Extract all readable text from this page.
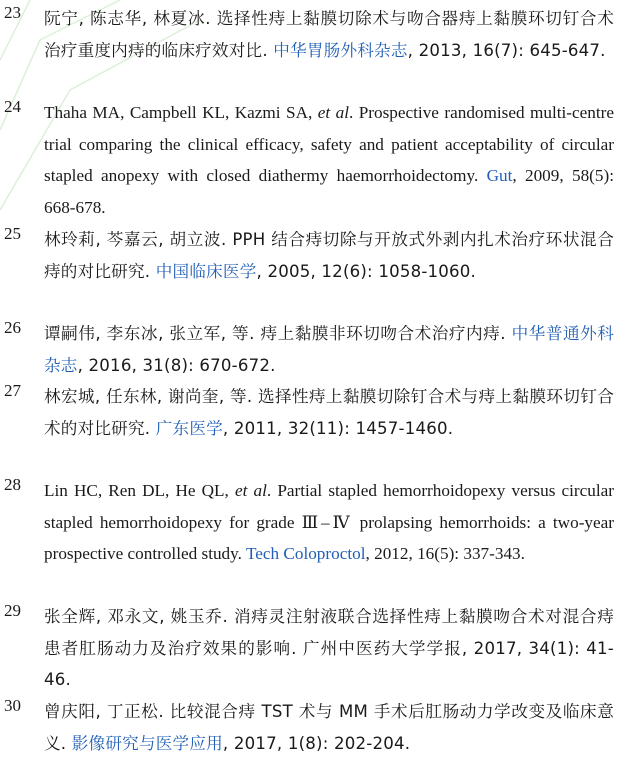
23	阮宁, 陈志华, 林夏冰. 选择性痔上黏膜切除术与吻合器痔上黏膜环切钉合术治疗重度内痔的临床疗效对比. 中华胃肠外科杂志, 2013, 16(7): 645-647.
24	Thaha MA, Campbell KL, Kazmi SA, et al. Prospective randomised multi-centre trial comparing the clinical efficacy, safety and patient acceptability of circular stapled anopexy with closed diathermy haemorrhoidectomy. Gut, 2009, 58(5): 668-678.
25	林玲莉, 芩嘉云, 胡立波. PPH 结合痔切除与开放式外剥内扎术治疗环状混合痔的对比研究. 中国临床医学, 2005, 12(6): 1058-1060.
26	谭嗣伟, 李东冰, 张立军, 等. 痔上黏膜非环切吻合术治疗内痔. 中华普通外科杂志, 2016, 31(8): 670-672.
27	林宏城, 任东林, 谢尚奎, 等. 选择性痔上黏膜切除钉合术与痔上黏膜环切钉合术的对比研究. 广东医学, 2011, 32(11): 1457-1460.
28	Lin HC, Ren DL, He QL, et al. Partial stapled hemorrhoidopexy versus circular stapled hemorrhoidopexy for grade Ⅲ–Ⅳ prolapsing hemorrhoids: a two-year prospective controlled study. Tech Coloproctol, 2012, 16(5): 337-343.
29	张全辉, 邓永文, 姚玉乔. 消痔灵注射液联合选择性痔上黏膜吻合术对混合痔患者肛肠动力及治疗效果的影响. 广州中医药大学学报, 2017, 34(1): 41-46.
30	曾庆阳, 丁正松. 比较混合痔 TST 术与 MM 手术后肛肠动力学改变及临床意义. 影像研究与医学应用, 2017, 1(8): 202-204.
